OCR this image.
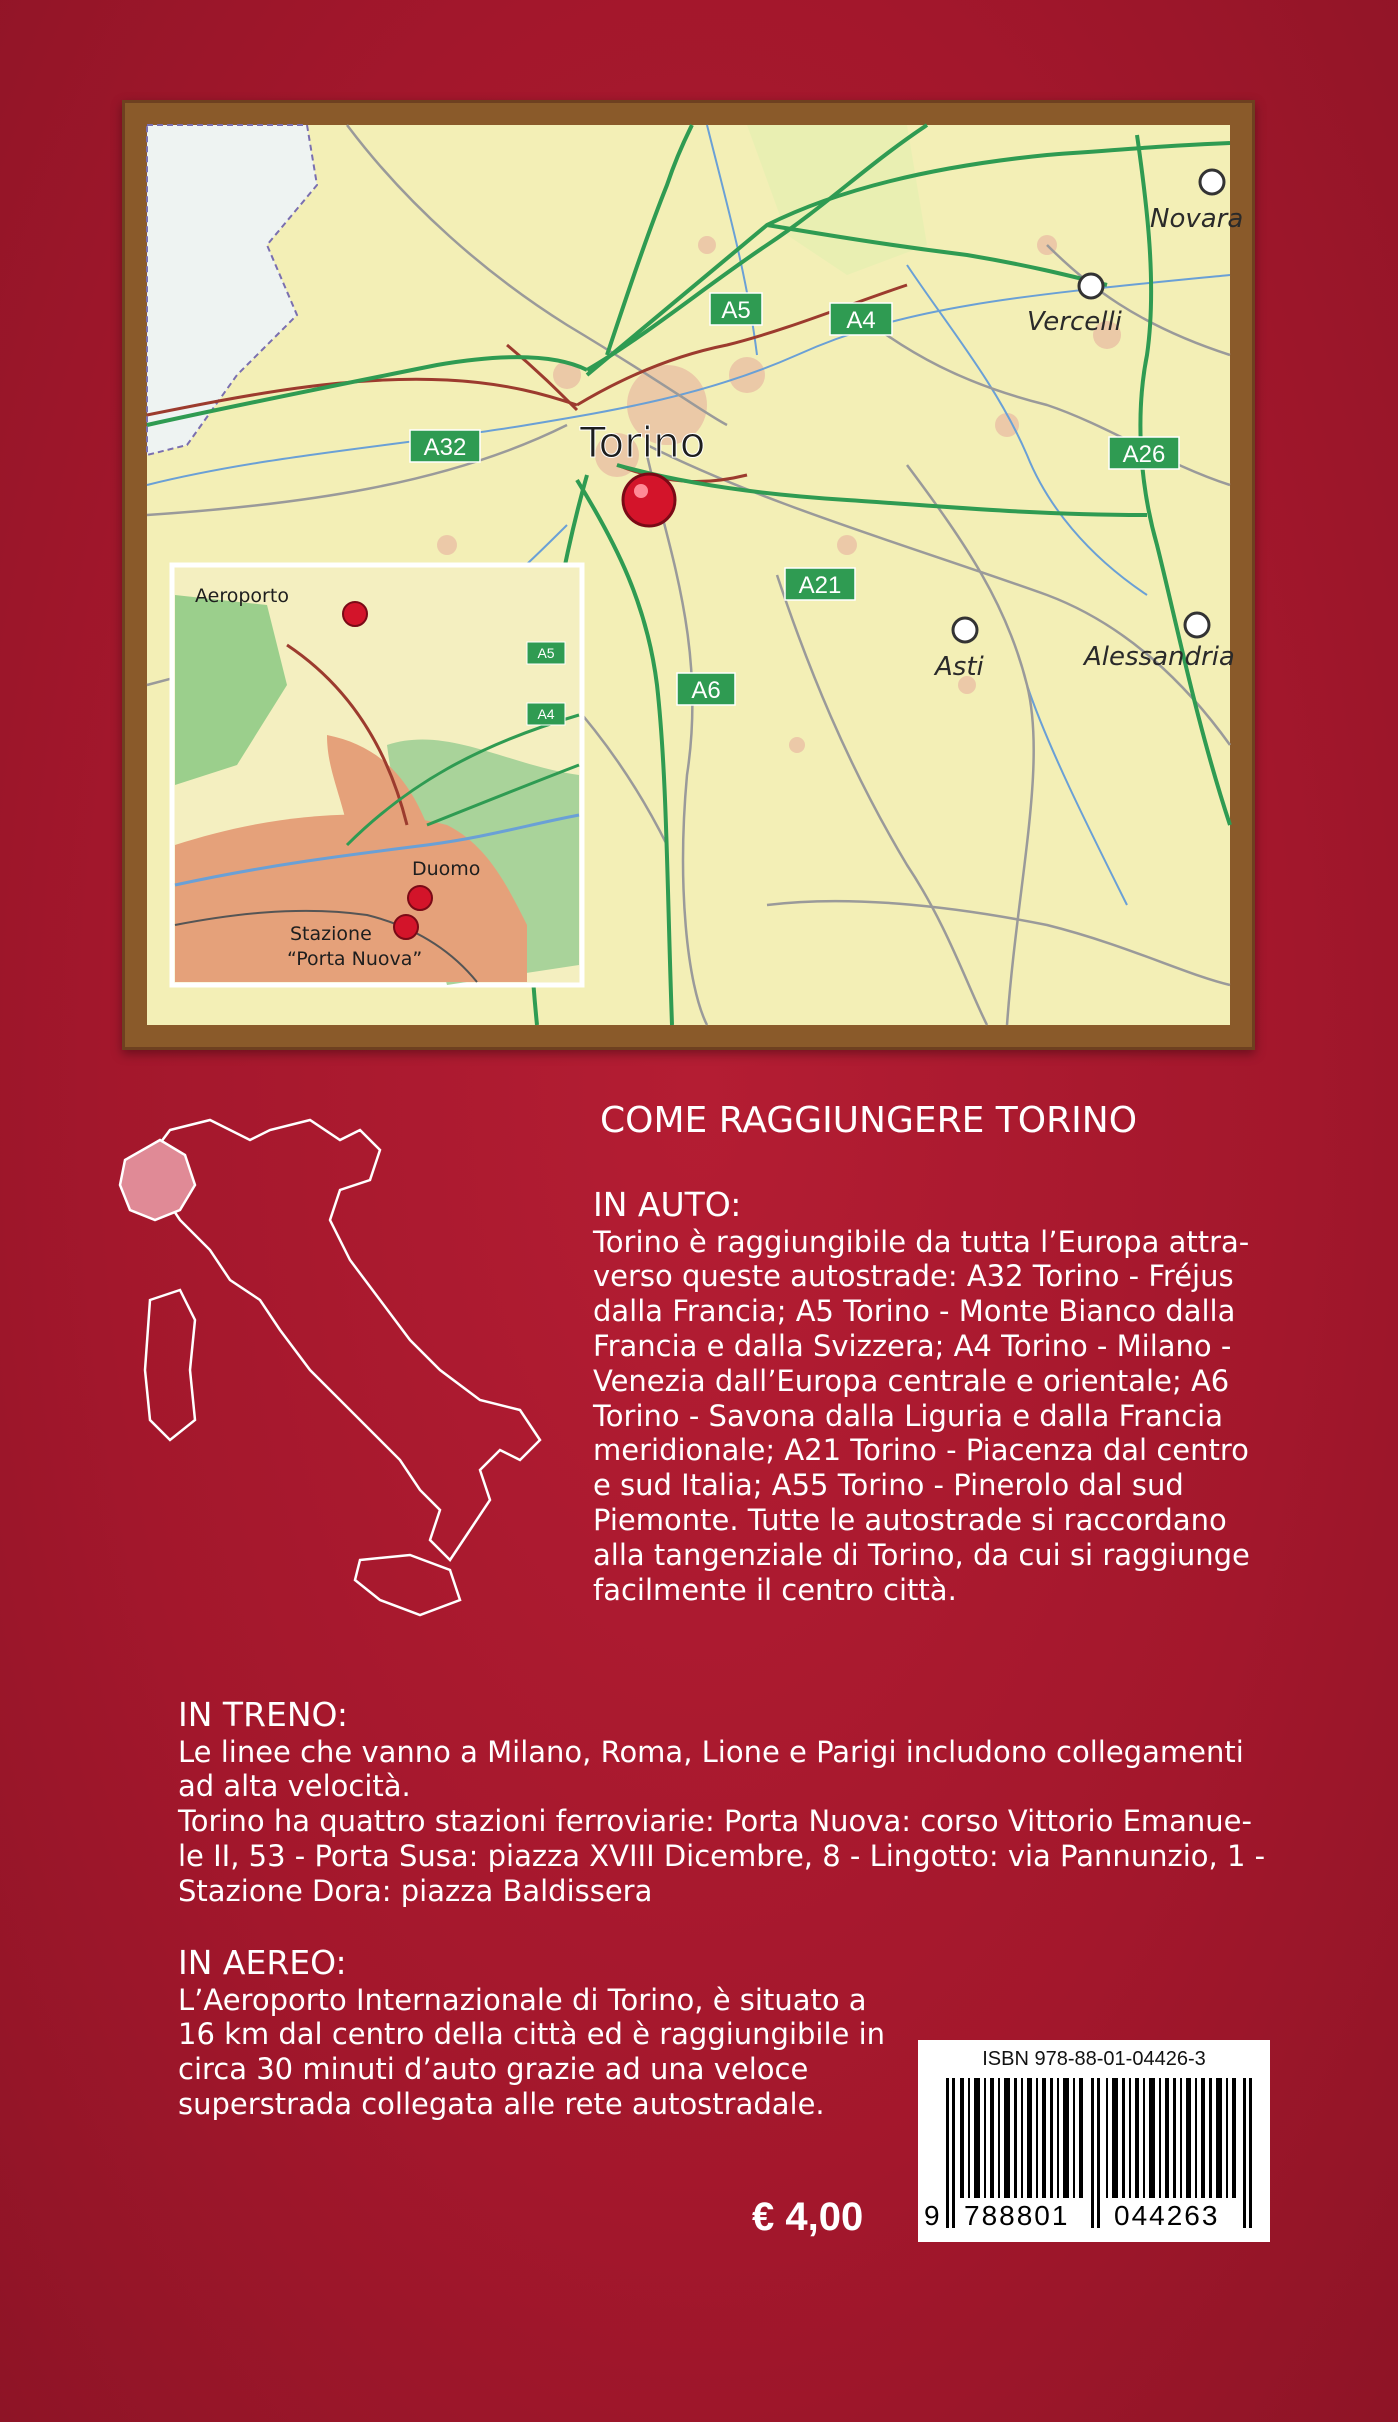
A5	A4
A32	A26
A21
A6
Novara
Vercelli
Asti	Alessandria
Torino
A5
A4
Aeroporto
Duomo
Stazione
“Porta Nuova”
COME RAGGIUNGERE TORINO
IN AUTO:
Torino è raggiungibile da tutta l’Europa attra-
verso queste autostrade: A32 Torino - Fréjus
dalla Francia; A5 Torino - Monte Bianco dalla
Francia e dalla Svizzera; A4 Torino - Milano -
Venezia dall’Europa centrale e orientale; A6
Torino - Savona dalla Liguria e dalla Francia
meridionale; A21 Torino - Piacenza dal centro
e sud Italia; A55 Torino - Pinerolo dal sud
Piemonte. Tutte le autostrade si raccordano
alla tangenziale di Torino, da cui si raggiunge
facilmente il centro città.
IN TRENO:
Le linee che vanno a Milano, Roma, Lione e Parigi includono collegamenti
ad alta velocità.
Torino ha quattro stazioni ferroviarie: Porta Nuova: corso Vittorio Emanue-
le II, 53 - Porta Susa: piazza XVIII Dicembre, 8 - Lingotto: via Pannunzio, 1 -
Stazione Dora: piazza Baldissera
IN AEREO:
L’Aeroporto Internazionale di Torino, è situato a
16 km dal centro della città ed è raggiungibile in
circa 30 minuti d’auto grazie ad una veloce
superstrada collegata alle rete autostradale.
€ 4,00
ISBN 978-88-01-04426-3
9 788801 044263
